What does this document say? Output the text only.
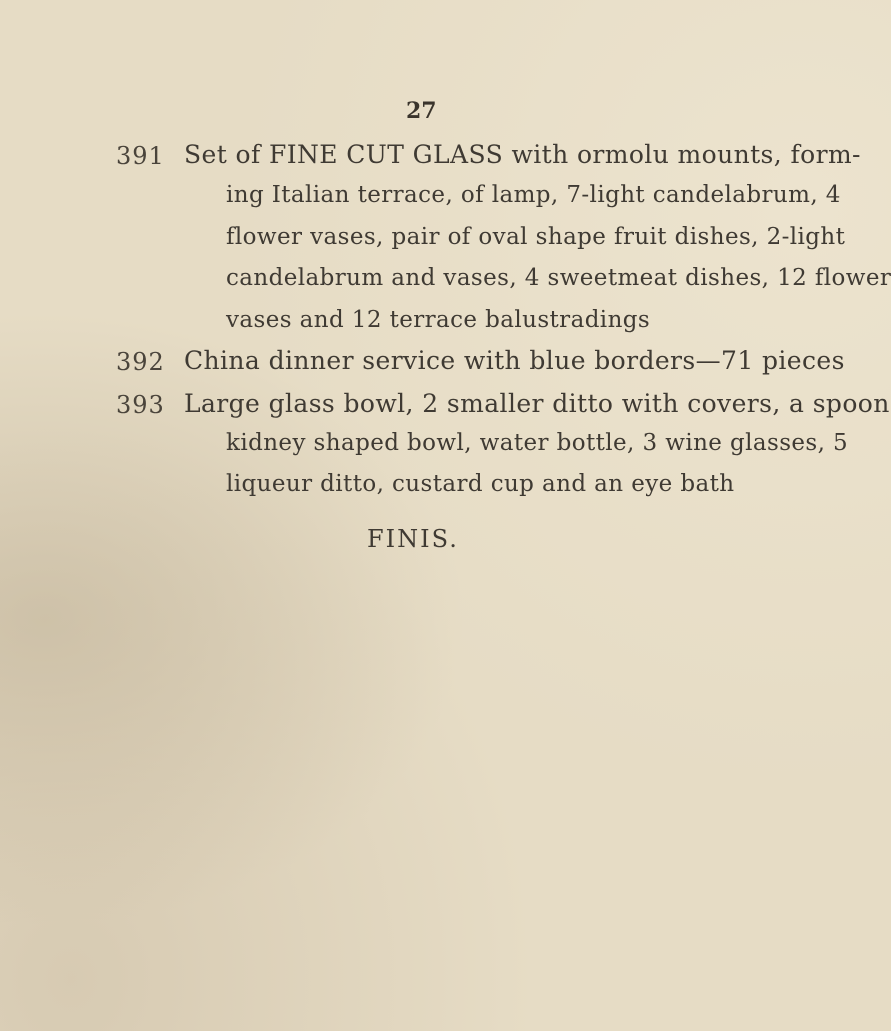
27
391 Set of FINE CUT GLASS with ormolu mounts, form-
ing Italian terrace, of lamp, 7-light candelabrum, 4
flower vases, pair of oval shape fruit dishes, 2-light
candelabrum and vases, 4 sweetmeat dishes, 12 flower
vases and 12 terrace balustradings
392 China dinner service with blue borders—71 pieces
393 Large glass bowl, 2 smaller ditto with covers, a spoon
kidney shaped bowl, water bottle, 3 wine glasses, 5
liqueur ditto, custard cup and an eye bath
FINIS.
